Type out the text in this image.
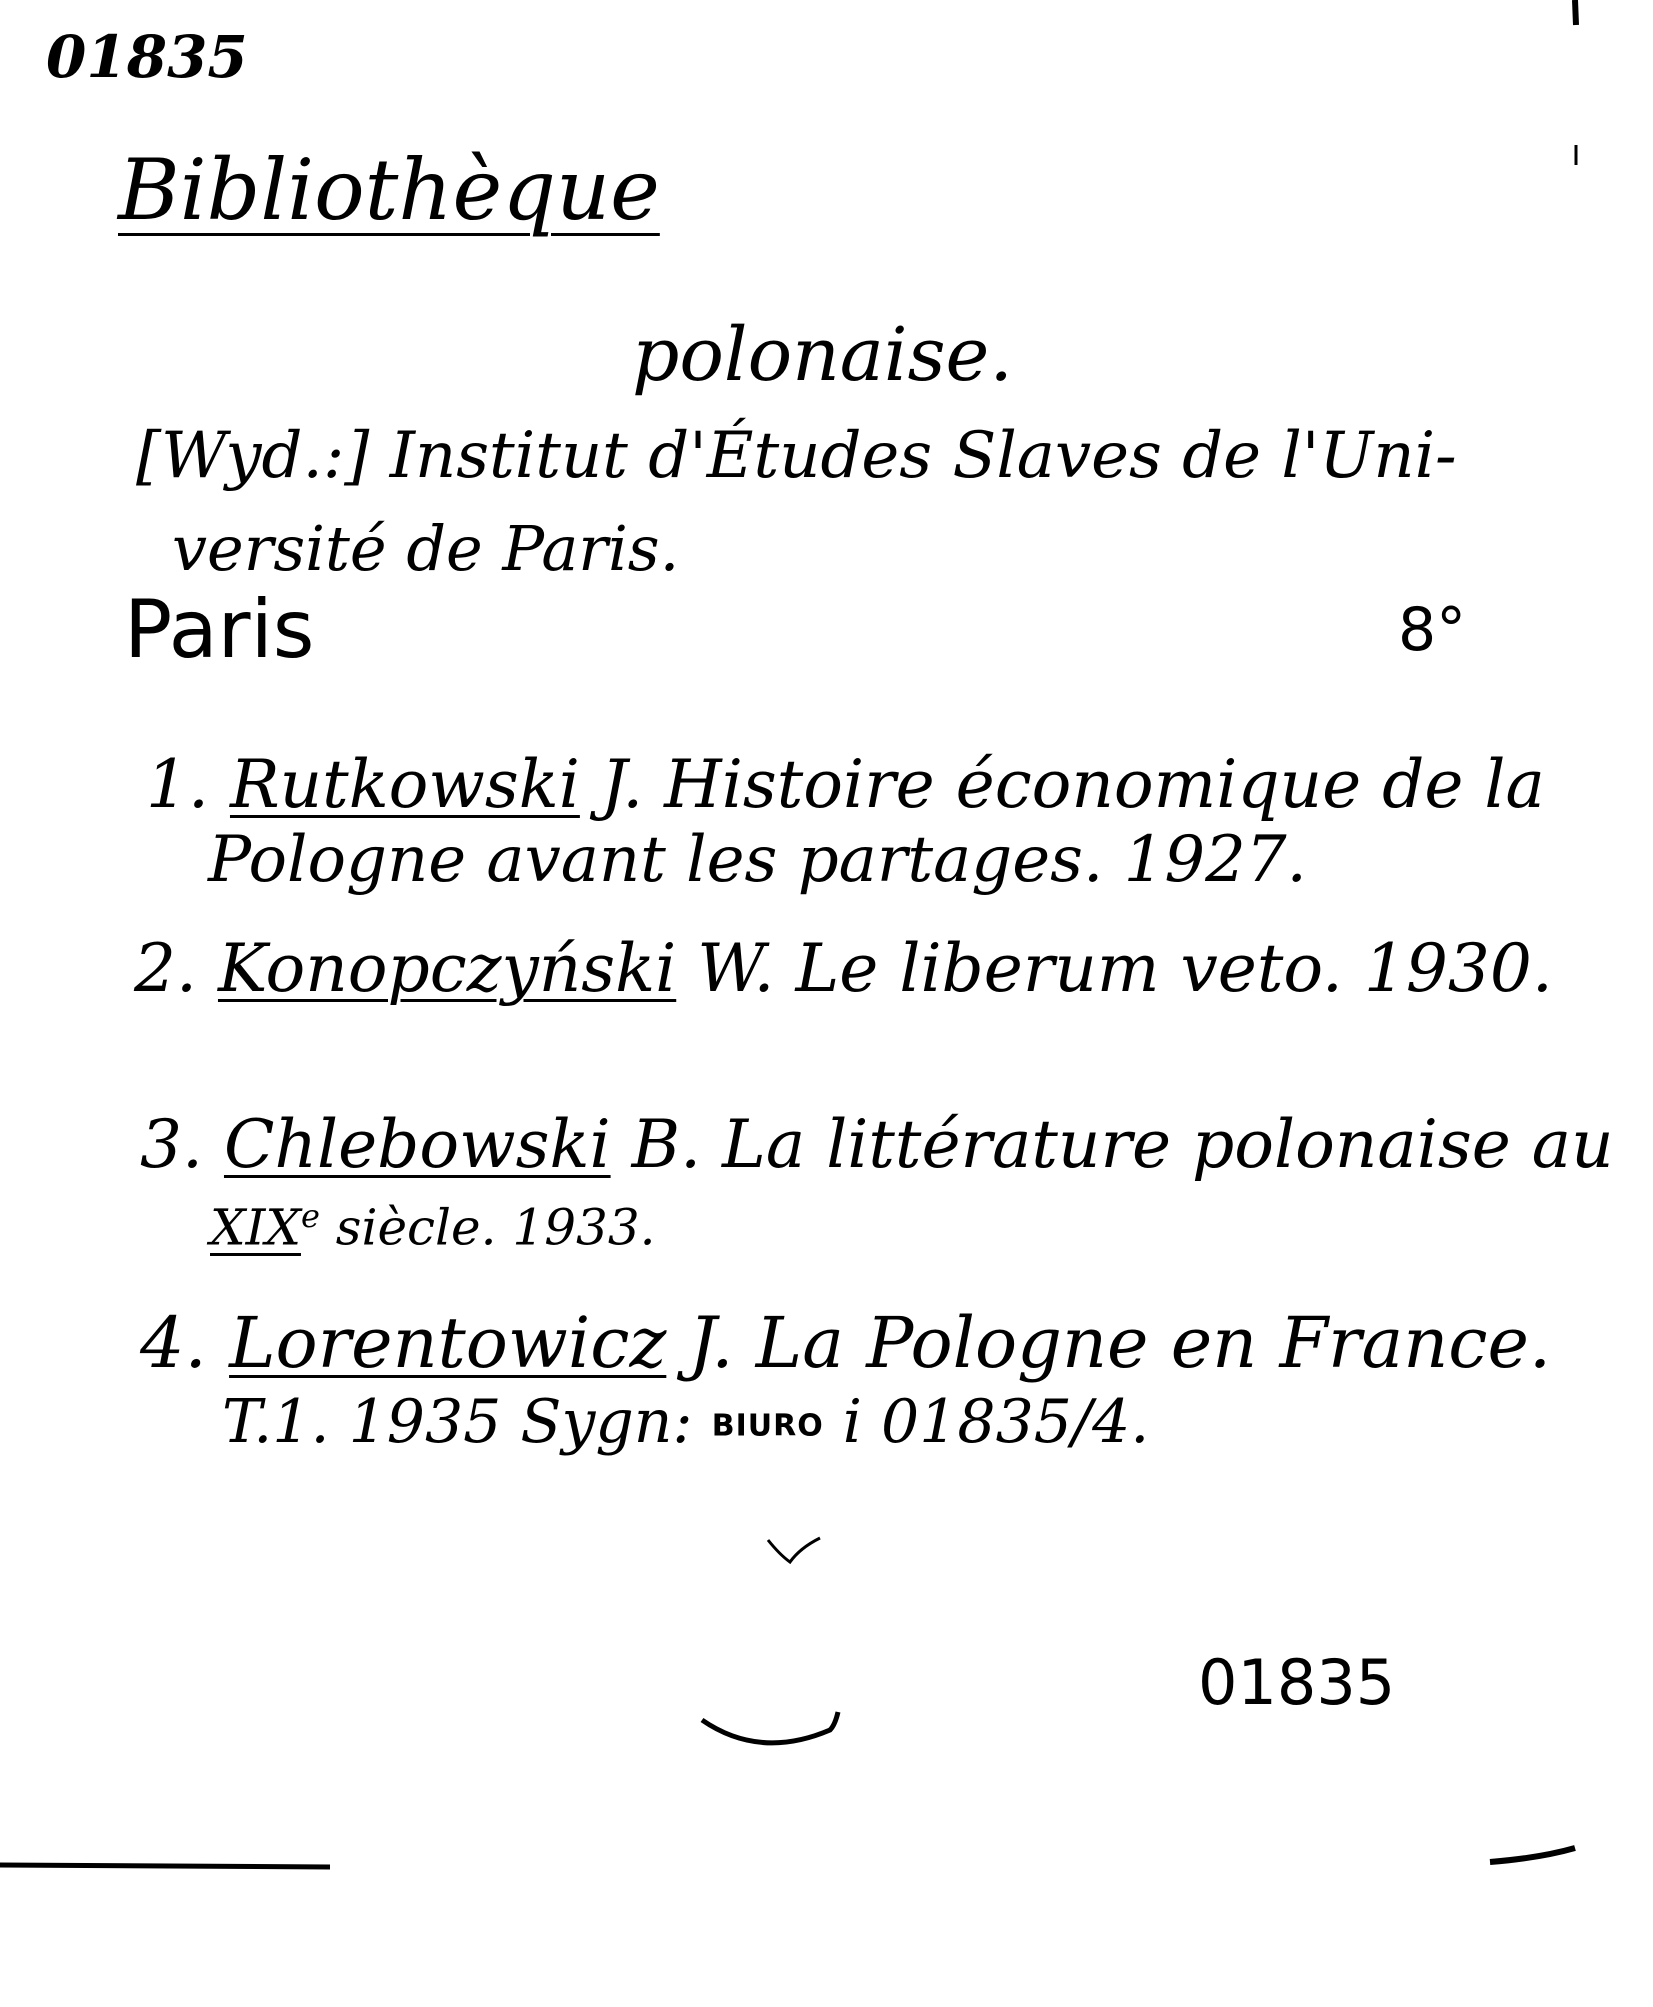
01835
Bibliothèque
polonaise.
[Wyd.:] Institut d'Études Slaves de l'Uni-
versité de Paris.
Paris	8°
1. Rutkowski J. Histoire économique de la
Pologne avant les partages. 1927.
2. Konopczyński W. Le liberum veto. 1930.
3. Chlebowski B. La littérature polonaise au
XIXe siècle. 1933.
4. Lorentowicz J. La Pologne en France.
T.1. 1935 Sygn: BIURO i 01835/4.
01835
